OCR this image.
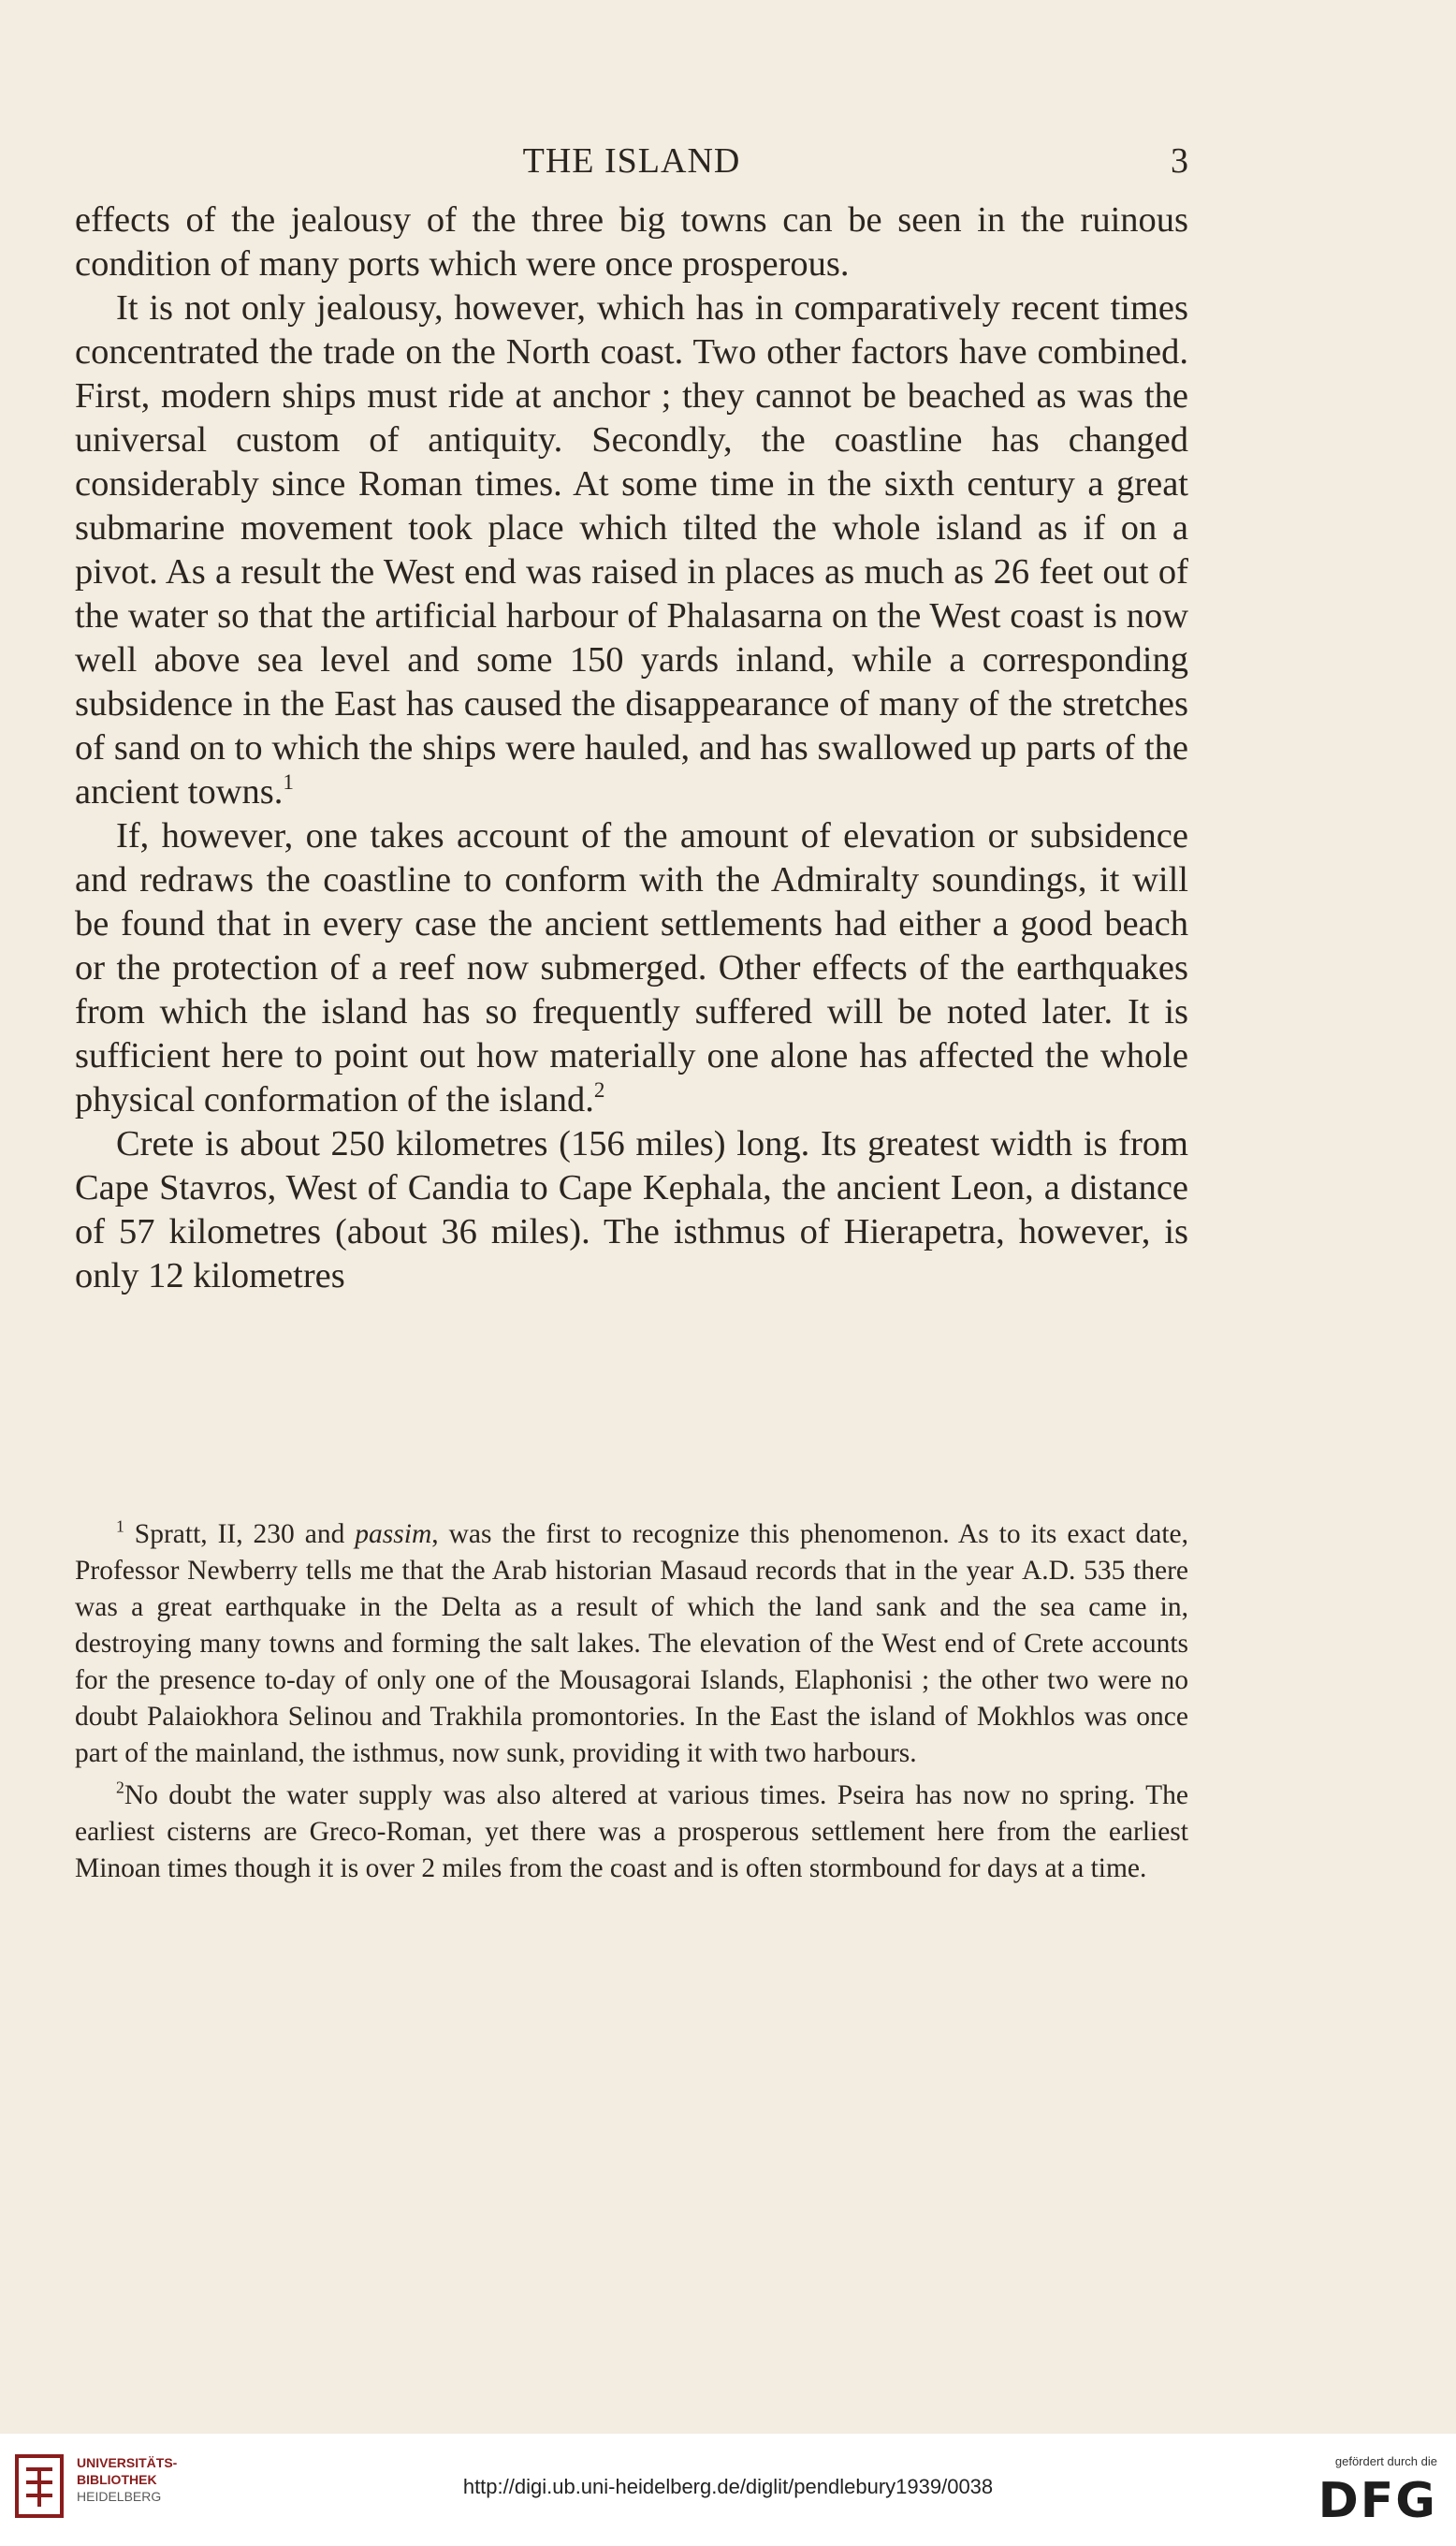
THE ISLAND	3

effects of the jealousy of the three big towns can be seen in the ruinous condition of many ports which were once prosperous.

It is not only jealousy, however, which has in comparatively recent times concentrated the trade on the North coast. Two other factors have combined. First, modern ships must ride at anchor ; they cannot be beached as was the universal custom of antiquity. Secondly, the coastline has changed considerably since Roman times. At some time in the sixth century a great submarine movement took place which tilted the whole island as if on a pivot. As a result the West end was raised in places as much as 26 feet out of the water so that the artificial harbour of Phalasarna on the West coast is now well above sea level and some 150 yards inland, while a corresponding subsidence in the East has caused the disappearance of many of the stretches of sand on to which the ships were hauled, and has swallowed up parts of the ancient towns.$^1$

If, however, one takes account of the amount of elevation or subsidence and redraws the coastline to conform with the Admiralty soundings, it will be found that in every case the ancient settlements had either a good beach or the protection of a reef now submerged. Other effects of the earthquakes from which the island has so frequently suffered will be noted later. It is sufficient here to point out how materially one alone has affected the whole physical conformation of the island.$^2$

Crete is about 250 kilometres (156 miles) long. Its greatest width is from Cape Stavros, West of Candia to Cape Kephala, the ancient Leon, a distance of 57 kilometres (about 36 miles). The isthmus of Hierapetra, however, is only 12 kilometres

$^1$ Spratt, II, 230 and passim, was the first to recognize this phenomenon. As to its exact date, Professor Newberry tells me that the Arab historian Masaud records that in the year A.D. 535 there was a great earthquake in the Delta as a result of which the land sank and the sea came in, destroying many towns and forming the salt lakes. The elevation of the West end of Crete accounts for the presence to-day of only one of the Mousagorai Islands, Elaphonisi ; the other two were no doubt Palaiokhora Selinou and Trakhila promontories. In the East the island of Mokhlos was once part of the mainland, the isthmus, now sunk, providing it with two harbours.

$^2$No doubt the water supply was also altered at various times. Pseira has now no spring. The earliest cisterns are Greco-Roman, yet there was a prosperous settlement here from the earliest Minoan times though it is over 2 miles from the coast and is often stormbound for days at a time.

UNIVERSITÄTS-
BIBLIOTHEK
HEIDELBERG	http://digi.ub.uni-heidelberg.de/diglit/pendlebury1939/0038
gefördert durch die
DFG
